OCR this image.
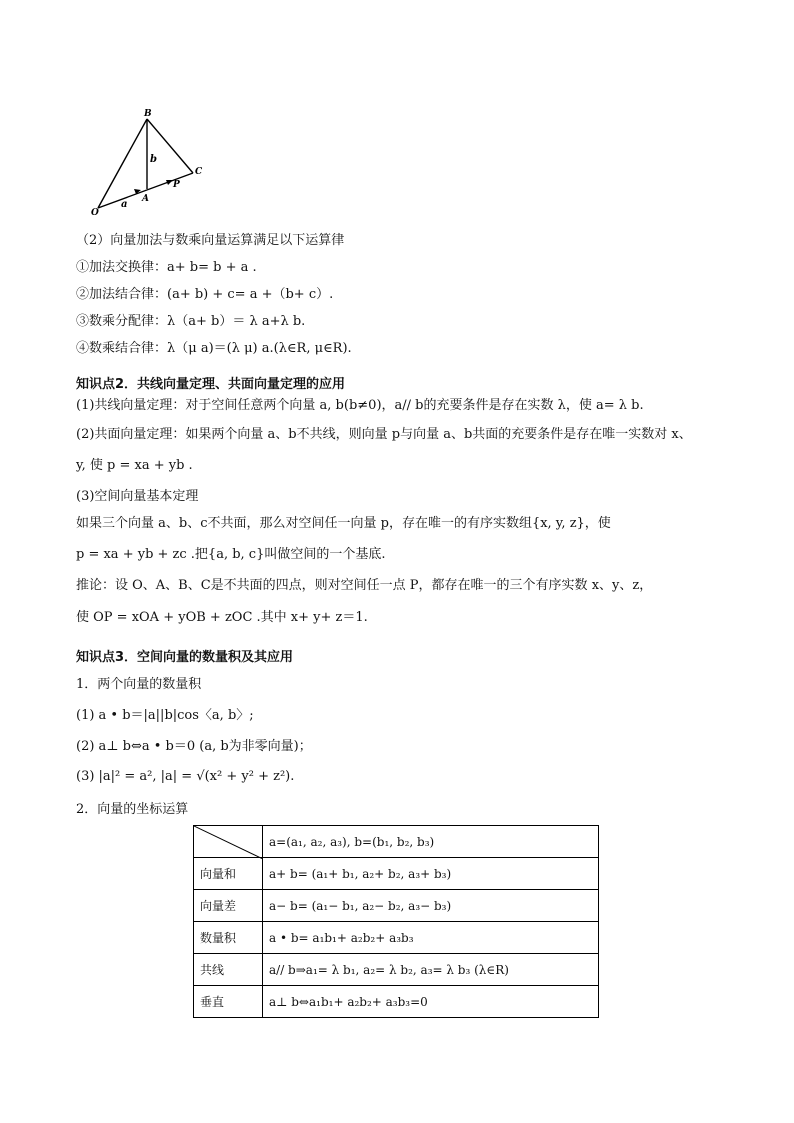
B
C
O
A
P
a
b
（2）向量加法与数乘向量运算满足以下运算律
①加法交换律：a+ b= b + a .
②加法结合律：(a+ b) + c= a +（b+ c）.
③数乘分配律：λ（a+ b）＝ λ a+λ b.
④数乘结合律：λ（μ a)＝(λ μ) a.(λ∈R, μ∈R).
知识点2．共线向量定理、共面向量定理的应用
(1)共线向量定理：对于空间任意两个向量 a, b(b≠0)，a// b的充要条件是存在实数 λ，使 a= λ b.
(2)共面向量定理：如果两个向量 a、b不共线，则向量 p与向量 a、b共面的充要条件是存在唯一实数对 x、
y, 使 p = xa + yb .
(3)空间向量基本定理
如果三个向量 a、b、c不共面，那么对空间任一向量 p，存在唯一的有序实数组{x, y, z}，使
p = xa + yb + zc .把{a, b, c}叫做空间的一个基底.
推论：设 O、A、B、C是不共面的四点，则对空间任一点 P，都存在唯一的三个有序实数 x、y、z，
使 OP = xOA + yOB + zOC .其中 x+ y+ z＝1.
知识点3．空间向量的数量积及其应用
1．两个向量的数量积
(1) a • b＝|a||b|cos〈a, b〉;
(2) a⊥ b⇔a • b＝0 (a, b为非零向量)；
(3) |a|² = a², |a| = √(x² + y² + z²).
2．向量的坐标运算
	a=(a₁, a₂, a₃), b=(b₁, b₂, b₃)
向量和	a+ b= (a₁+ b₁, a₂+ b₂, a₃+ b₃)
向量差	a− b= (a₁− b₁, a₂− b₂, a₃− b₃)
数量积	a • b= a₁b₁+ a₂b₂+ a₃b₃
共线	a// b⇒a₁= λ b₁, a₂= λ b₂, a₃= λ b₃ (λ∈R)
垂直	a⊥ b⇔a₁b₁+ a₂b₂+ a₃b₃=0
